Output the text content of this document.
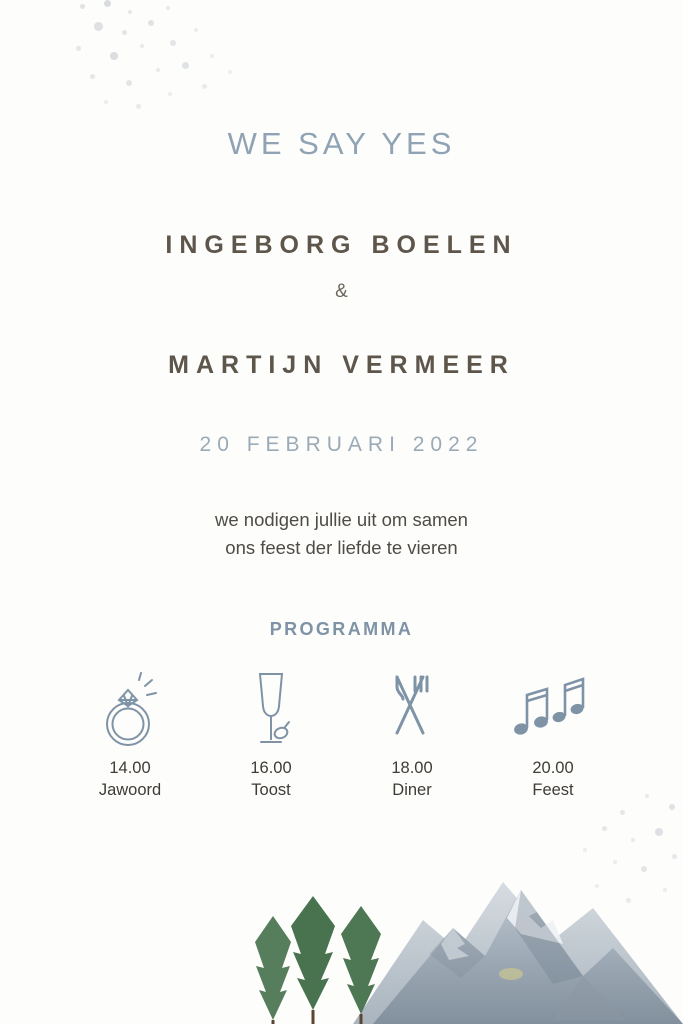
WE SAY YES
INGEBORG BOELEN
&
MARTIJN VERMEER
20 FEBRUARI 2022
we nodigen jullie uit om samen
ons feest der liefde te vieren
PROGRAMMA
14.00
Jawoord
16.00
Toost
18.00
Diner
20.00
Feest
